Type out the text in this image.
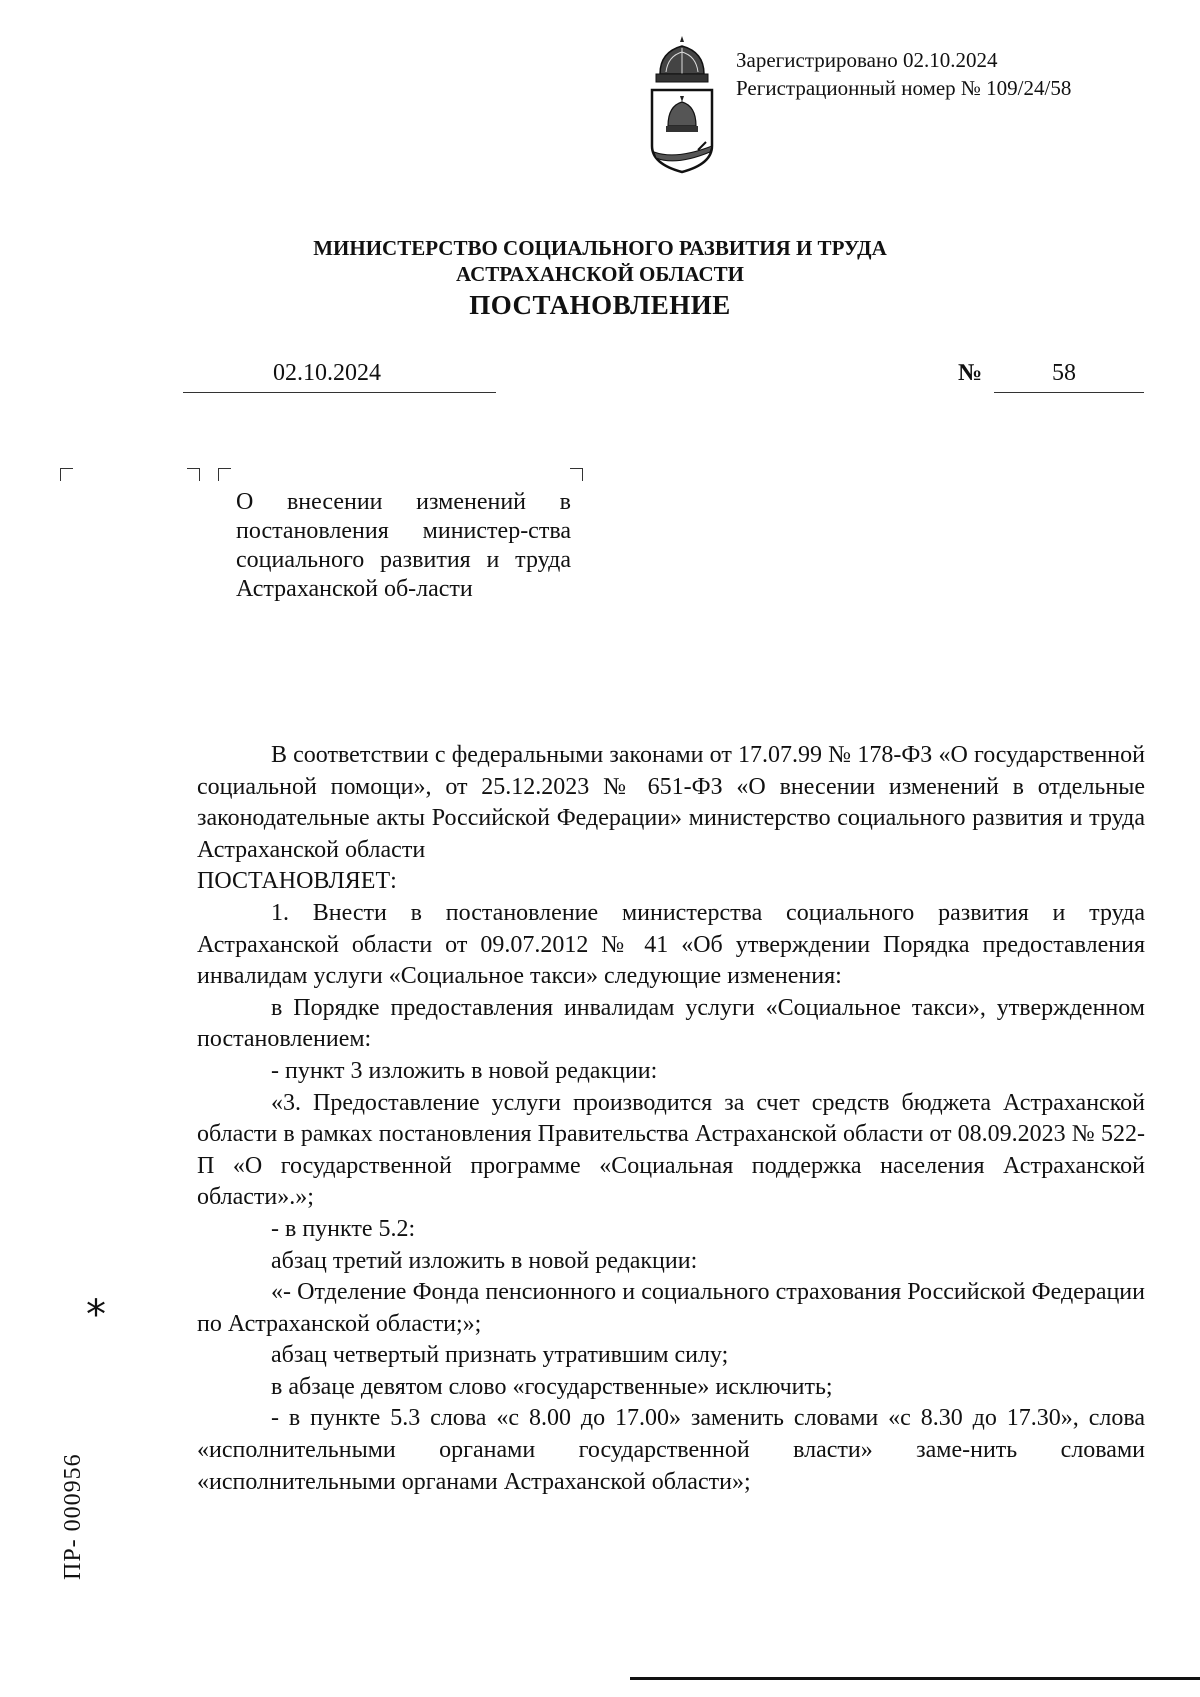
Зарегистрировано 02.10.2024
Регистрационный номер № 109/24/58
МИНИСТЕРСТВО СОЦИАЛЬНОГО РАЗВИТИЯ И ТРУДА
АСТРАХАНСКОЙ ОБЛАСТИ
ПОСТАНОВЛЕНИЕ
02.10.2024	№	58
О внесении изменений в постановления министер-ства социального развития и труда Астраханской об-ласти

В соответствии с федеральными законами от 17.07.99 № 178-ФЗ «О государственной социальной помощи», от 25.12.2023 № 651-ФЗ «О внесении изменений в отдельные законодательные акты Российской Федерации» министерство социального развития и труда Астраханской области

ПОСТАНОВЛЯЕТ:

1. Внести в постановление министерства социального развития и труда Астраханской области от 09.07.2012 № 41 «Об утверждении Порядка предоставления инвалидам услуги «Социальное такси» следующие изменения:

в Порядке предоставления инвалидам услуги «Социальное такси», утвержденном постановлением:

- пункт 3 изложить в новой редакции:

«3. Предоставление услуги производится за счет средств бюджета Астраханской области в рамках постановления Правительства Астраханской области от 08.09.2023 № 522-П «О государственной программе «Социальная поддержка населения Астраханской области».»;

- в пункте 5.2:

абзац третий изложить в новой редакции:

«- Отделение Фонда пенсионного и социального страхования Российской Федерации по Астраханской области;»;

абзац четвертый признать утратившим силу;

в абзаце девятом слово «государственные» исключить;

- в пункте 5.3 слова «с 8.00 до 17.00» заменить словами «с 8.30 до 17.30», слова «исполнительными органами государственной власти» заме-нить словами «исполнительными органами Астраханской области»;

*
ПР- 000956
